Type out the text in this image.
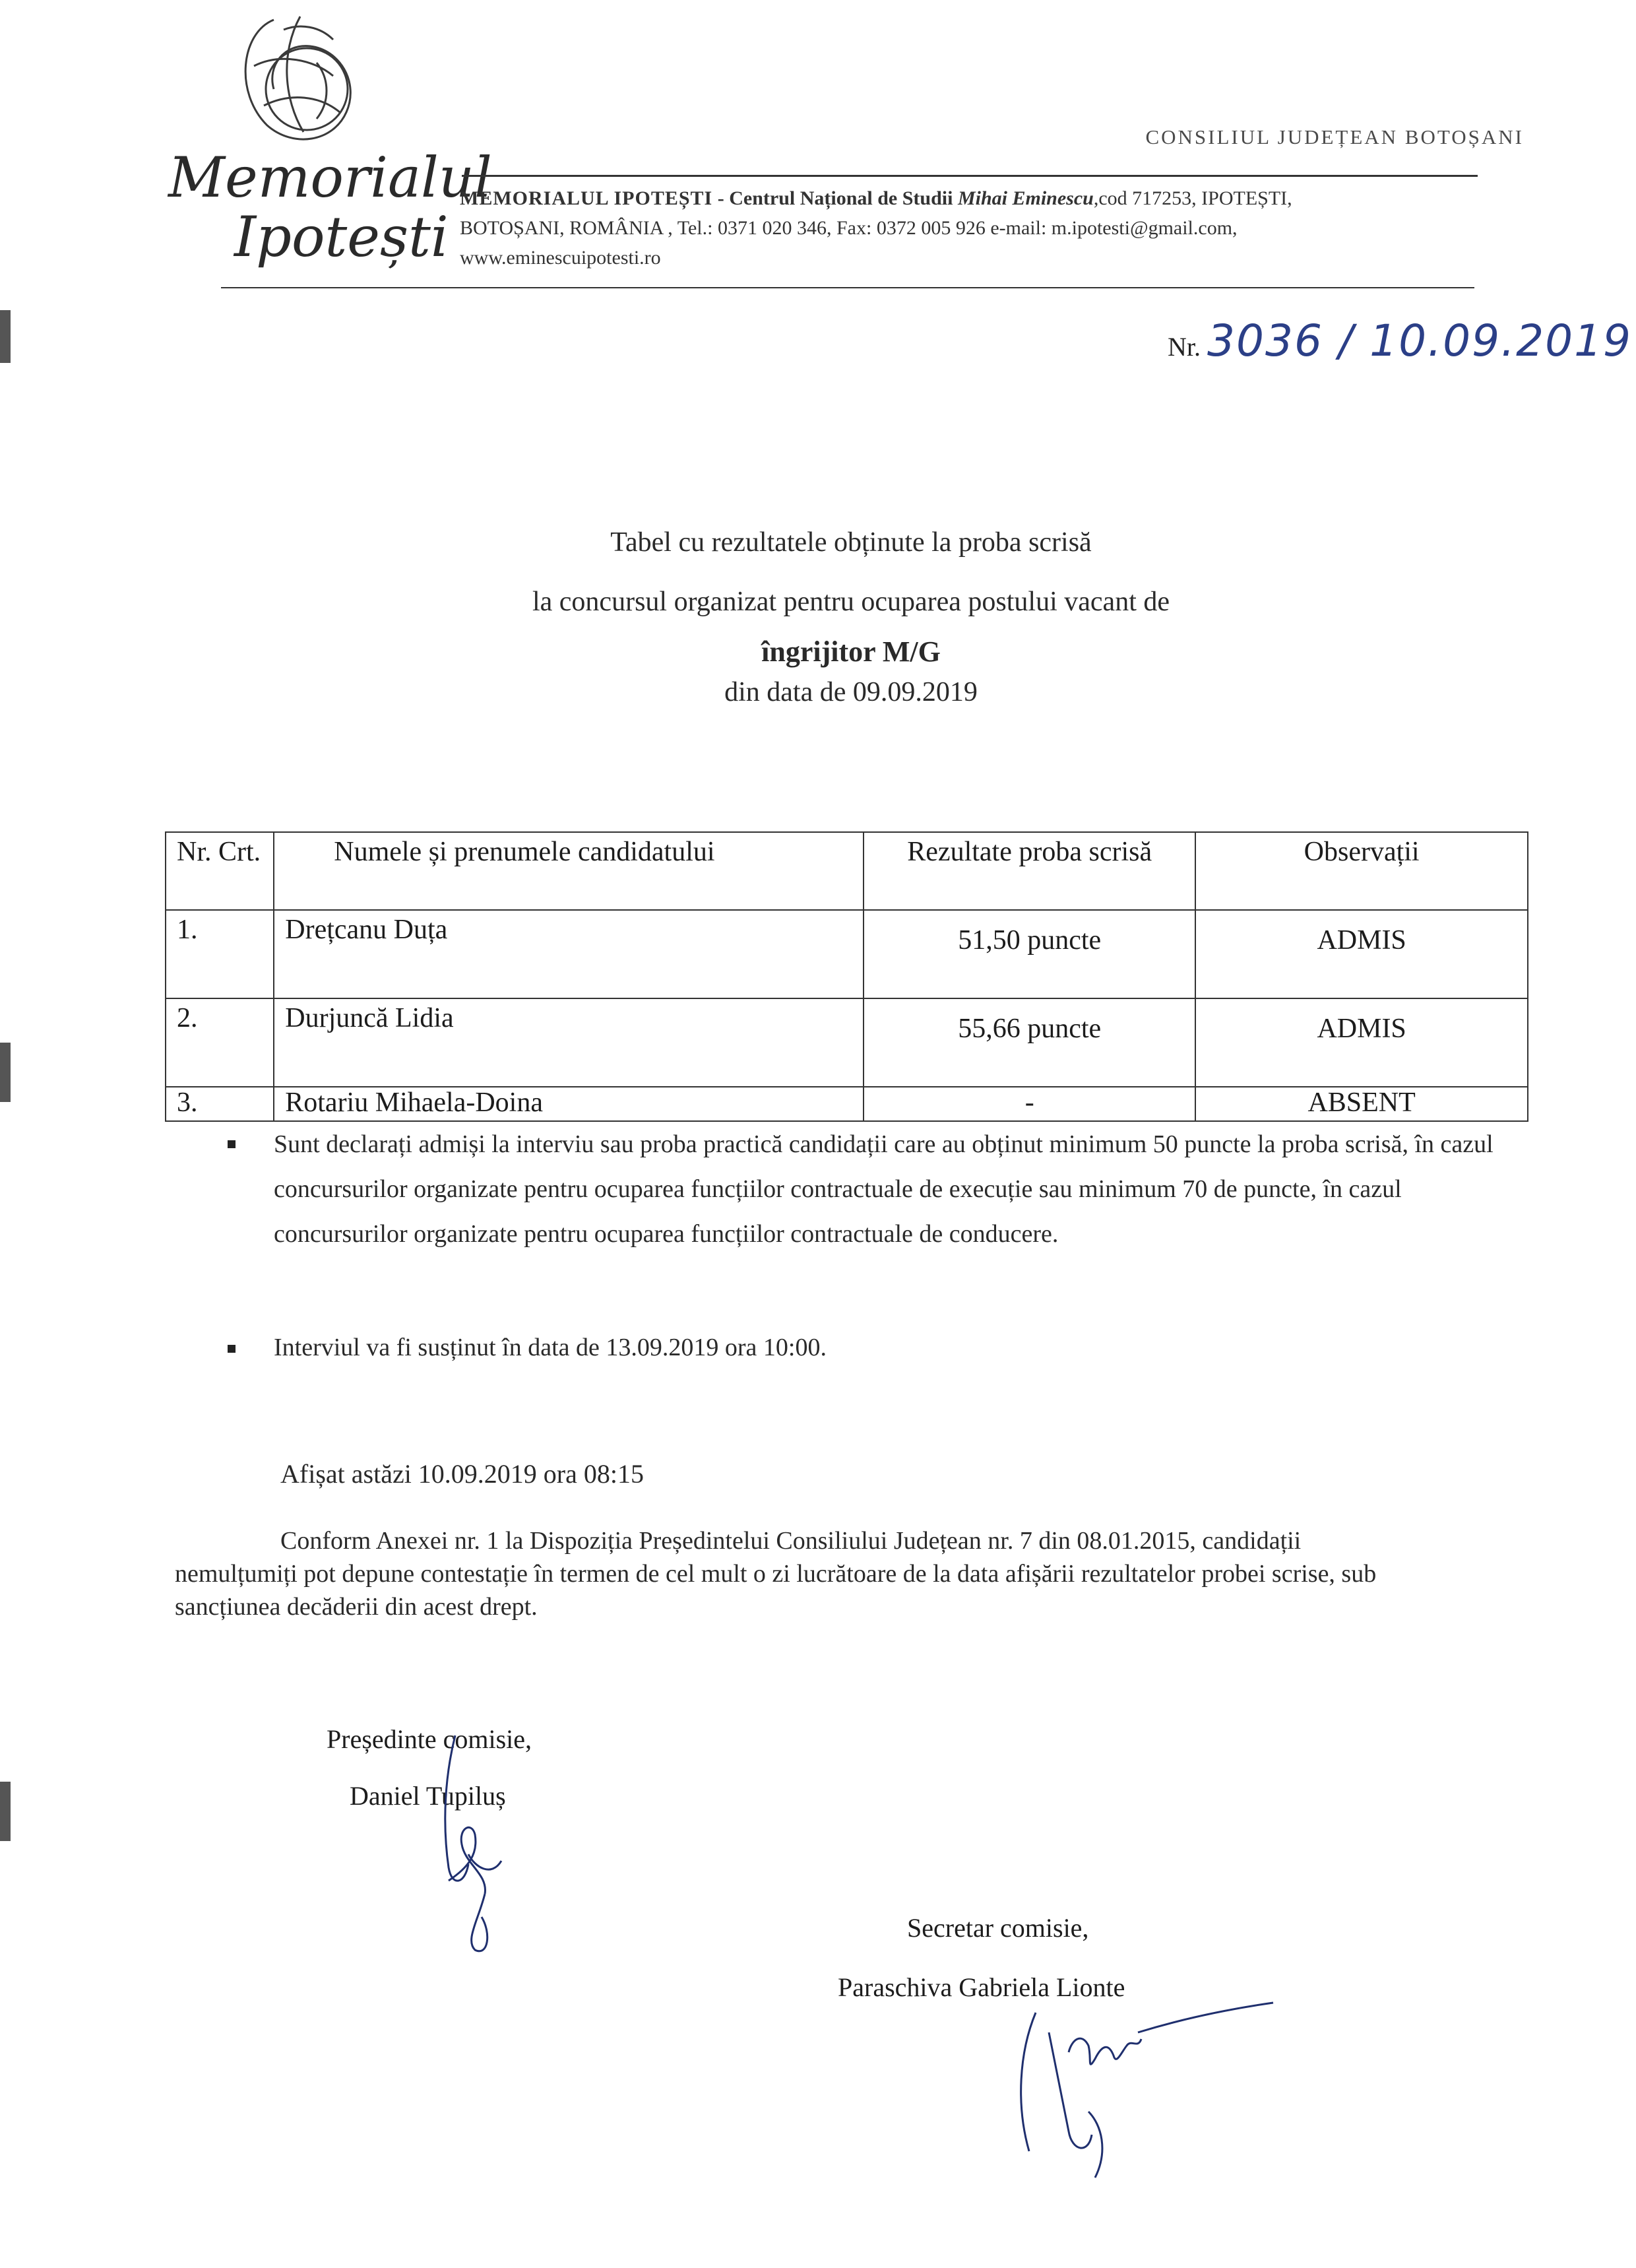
Memorialul
Ipotești
CONSILIUL JUDEȚEAN BOTOȘANI
MEMORIALUL IPOTEȘTI - Centrul Național de Studii Mihai Eminescu,cod 717253, IPOTEȘTI,
BOTOȘANI, ROMÂNIA , Tel.: 0371 020 346, Fax: 0372 005 926 e-mail: m.ipotesti@gmail.com,
www.eminescuipotesti.ro
Nr. 3036 / 10.09.2019
Tabel cu rezultatele obținute la proba scrisă
la concursul organizat pentru ocuparea postului vacant de
îngrijitor M/G
din data de 09.09.2019
Nr. Crt.	Numele și prenumele candidatului	Rezultate proba scrisă	Observații
1.	Drețcanu Duța	51,50 puncte	ADMIS
2.	Durjuncă Lidia	55,66 puncte	ADMIS
3.	Rotariu Mihaela-Doina	-	ABSENT
Sunt declarați admiși la interviu sau proba practică candidații care au obținut minimum 50 puncte la proba scrisă, în cazul concursurilor organizate pentru ocuparea funcțiilor contractuale de execuție sau minimum 70 de puncte, în cazul concursurilor organizate pentru ocuparea funcțiilor contractuale de conducere.
Interviul va fi susținut în data de 13.09.2019 ora 10:00.
Afișat astăzi 10.09.2019 ora 08:15
Conform Anexei nr. 1 la Dispoziția Președintelui Consiliului Județean nr. 7 din 08.01.2015, candidații nemulțumiți pot depune contestație în termen de cel mult o zi lucrătoare de la data afișării rezultatelor probei scrise, sub sancțiunea decăderii din acest drept.
Președinte comisie,
Daniel Tupiluș
Secretar comisie,
Paraschiva Gabriela Lionte
